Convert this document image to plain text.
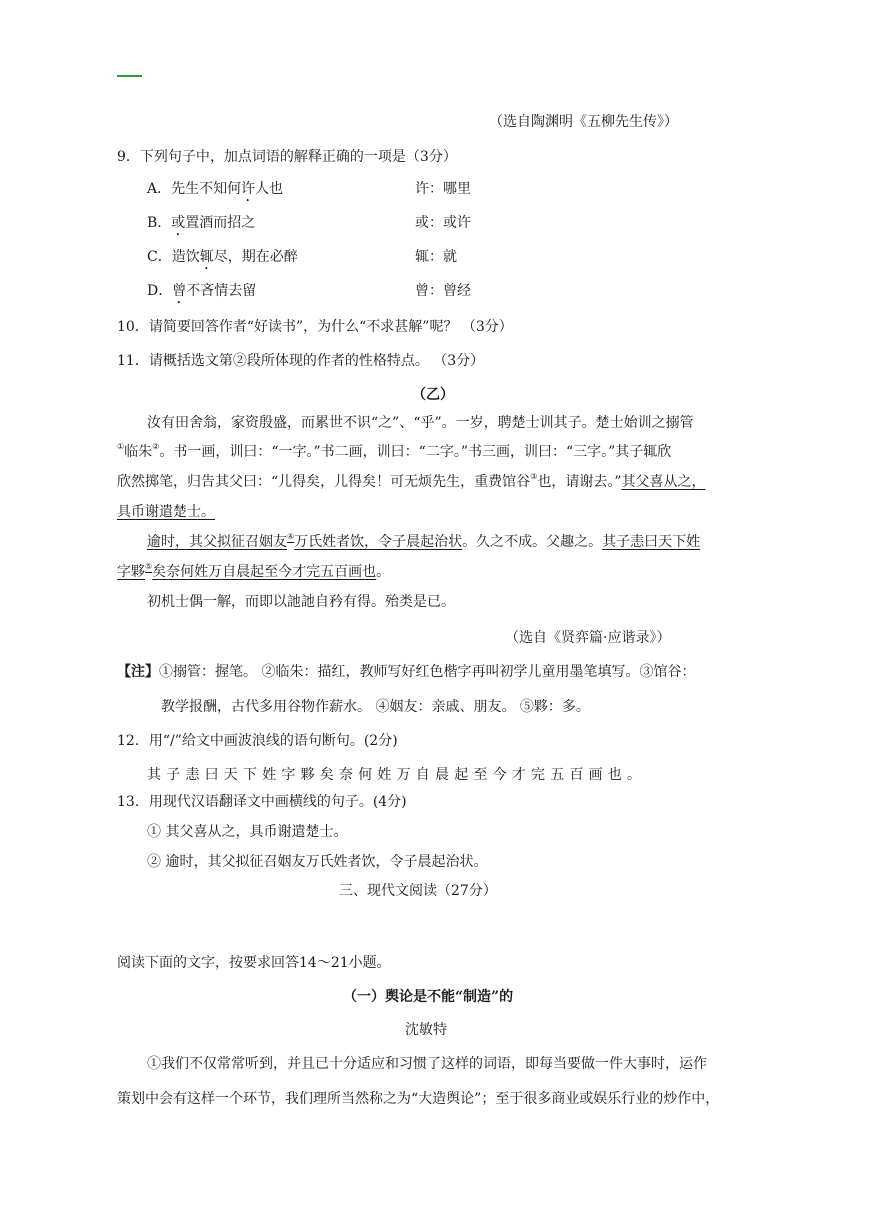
（选自陶渊明《五柳先生传》）
9．下列句子中，加点词语的解释正确的一项是（3分）
A．先生不知何许人也	许：哪里
B．或置酒而招之	或：或许
C．造饮辄尽，期在必醉	辄：就
D．曾不吝情去留	曾：曾经
10．请简要回答作者“好读书”，为什么“不求甚解”呢？ （3分）
11．请概括选文第②段所体现的作者的性格特点。 （3分）
（乙）
汝有田舍翁，家资殷盛，而累世不识“之”、“乎”。一岁，聘楚士训其子。楚士始训之搦管
①临朱②。书一画，训曰：“一字。”书二画，训曰：“二字。”书三画，训曰：“三字。”其子辄欣
欣然掷笔，归告其父曰：“儿得矣，儿得矣！可无烦先生，重费馆谷③也，请谢去。”其父喜从之，
具币谢遣楚士。
逾时，其父拟征召姻友④万氏姓者饮，令子晨起治状。久之不成。父趣之。其子恚曰天下姓
字夥⑤矣奈何姓万自晨起至今才完五百画也。
初机士偶一解，而即以訑訑自矜有得。殆类是已。
（选自《贤弈篇·应谐录》）
【注】①搦管：握笔。 ②临朱：描红，教师写好红色楷字再叫初学儿童用墨笔填写。③馆谷：
教学报酬，古代多用谷物作薪水。 ④姻友：亲戚、朋友。 ⑤夥：多。
12．用“/”给文中画波浪线的语句断句。(2分)
其子恚曰天下姓字夥矣奈何姓万自晨起至今才完五百画也。
13．用现代汉语翻译文中画横线的句子。(4分)
① 其父喜从之，具币谢遣楚士。
② 逾时，其父拟征召姻友万氏姓者饮，令子晨起治状。
三、现代文阅读（27分）
阅读下面的文字，按要求回答14～21小题。
（一）舆论是不能“制造”的
沈敏特
①我们不仅常常听到，并且已十分适应和习惯了这样的词语，即每当要做一件大事时，运作
策划中会有这样一个环节，我们理所当然称之为“大造舆论”；至于很多商业或娱乐行业的炒作中，
